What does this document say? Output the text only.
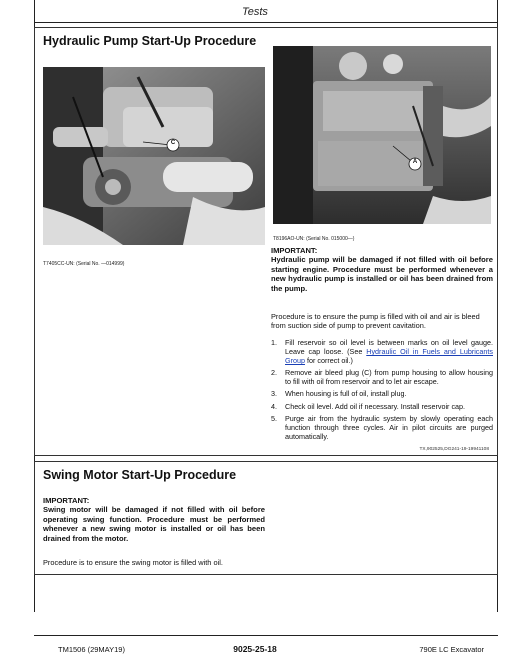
Tests
Hydraulic Pump Start-Up Procedure
C
T7405CC-UN: (Serial No. —014999)
A
T8196AO-UN: (Serial No. 015000—)
IMPORTANT:
Hydraulic pump will be damaged if not filled with oil before starting engine. Procedure must be performed whenever a new hydraulic pump is installed or oil has been drained from the pump.
Procedure is to ensure the pump is filled with oil and air is bleed from suction side of pump to prevent cavitation.
1.	Fill reservoir so oil level is between marks on oil level gauge. Leave cap loose. (See Hydraulic Oil in Fuels and Lubricants Group for correct oil.)
2.	Remove air bleed plug (C) from pump housing to allow housing to fill with oil from reservoir and to let air escape.
3.	When housing is full of oil, install plug.
4.	Check oil level. Add oil if necessary. Install reservoir cap.
5.	Purge air from the hydraulic system by slowly operating each function through three cycles. Air in pilot circuits are purged automatically.
TX,902525,DG241-19-19941108
Swing Motor Start-Up Procedure
IMPORTANT:
Swing motor will be damaged if not filled with oil before operating swing function. Procedure must be performed whenever a new swing motor is installed or oil has been drained from the motor.
Procedure is to ensure the swing motor is filled with oil.
TM1506 (29MAY19)	9025-25-18	790E LC Excavator
